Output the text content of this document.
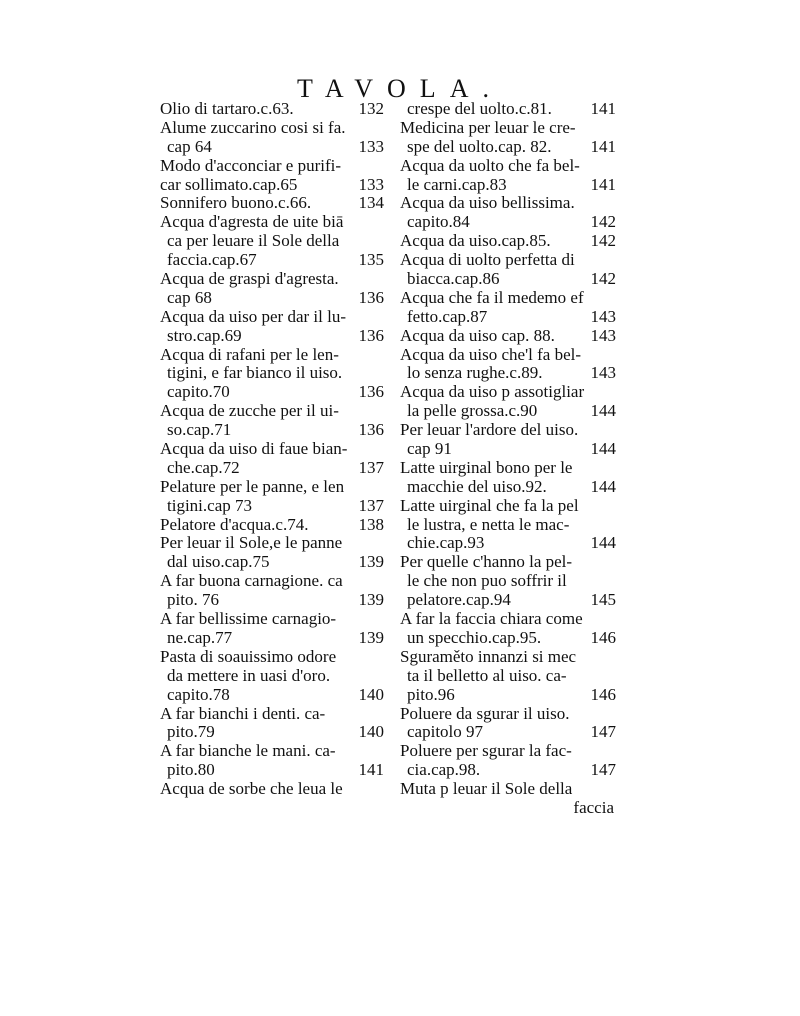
TAVOLA.
Olio di tartaro.c.63.	132
Alume zuccarino cosi si fa.
cap 64	133
Modo d'acconciar e purifi-
car sollimato.cap.65	133
Sonnifero buono.c.66.	134
Acqua d'agresta de uite biā
ca per leuare il Sole della
faccia.cap.67	135
Acqua de graspi d'agresta.
cap 68	136
Acqua da uiso per dar il lu-
stro.cap.69	136
Acqua di rafani per le len-
tigini, e far bianco il uiso.
capito.70	136
Acqua de zucche per il ui-
so.cap.71	136
Acqua da uiso di faue bian-
che.cap.72	137
Pelature per le panne, e len
tigini.cap 73	137
Pelatore d'acqua.c.74.	138
Per leuar il Sole,e le panne
dal uiso.cap.75	139
A far buona carnagione. ca
pito. 76	139
A far bellissime carnagio-
ne.cap.77	139
Pasta di soauissimo odore
da mettere in uasi d'oro.
capito.78	140
A far bianchi i denti. ca-
pito.79	140
A far bianche le mani. ca-
pito.80	141
Acqua de sorbe che leua le
crespe del uolto.c.81. 141
Medicina per leuar le cre-
spe del uolto.cap. 82. 141
Acqua da uolto che fa bel-
le carni.cap.83	141
Acqua da uiso bellissima.
capito.84	142
Acqua da uiso.cap.85. 142
Acqua di uolto perfetta di
biacca.cap.86	142
Acqua che fa il medemo ef
fetto.cap.87	143
Acqua da uiso cap. 88. 143
Acqua da uiso che'l fa bel-
lo senza rughe.c.89.	143
Acqua da uiso p assotigliar
la pelle grossa.c.90	144
Per leuar l'ardore del uiso.
cap 91	144
Latte uirginal bono per le
macchie del uiso.92.	144
Latte uirginal che fa la pel
le lustra, e netta le mac-
chie.cap.93	144
Per quelle c'hanno la pel-
le che non puo soffrir il
pelatore.cap.94	145
A far la faccia chiara come
un specchio.cap.95.	146
Sguraměto innanzi si mec
ta il belletto al uiso. ca-
pito.96	146
Poluere da sgurar il uiso.
capitolo 97	147
Poluere per sgurar la fac-
cia.cap.98.	147
Muta p leuar il Sole della
faccia
